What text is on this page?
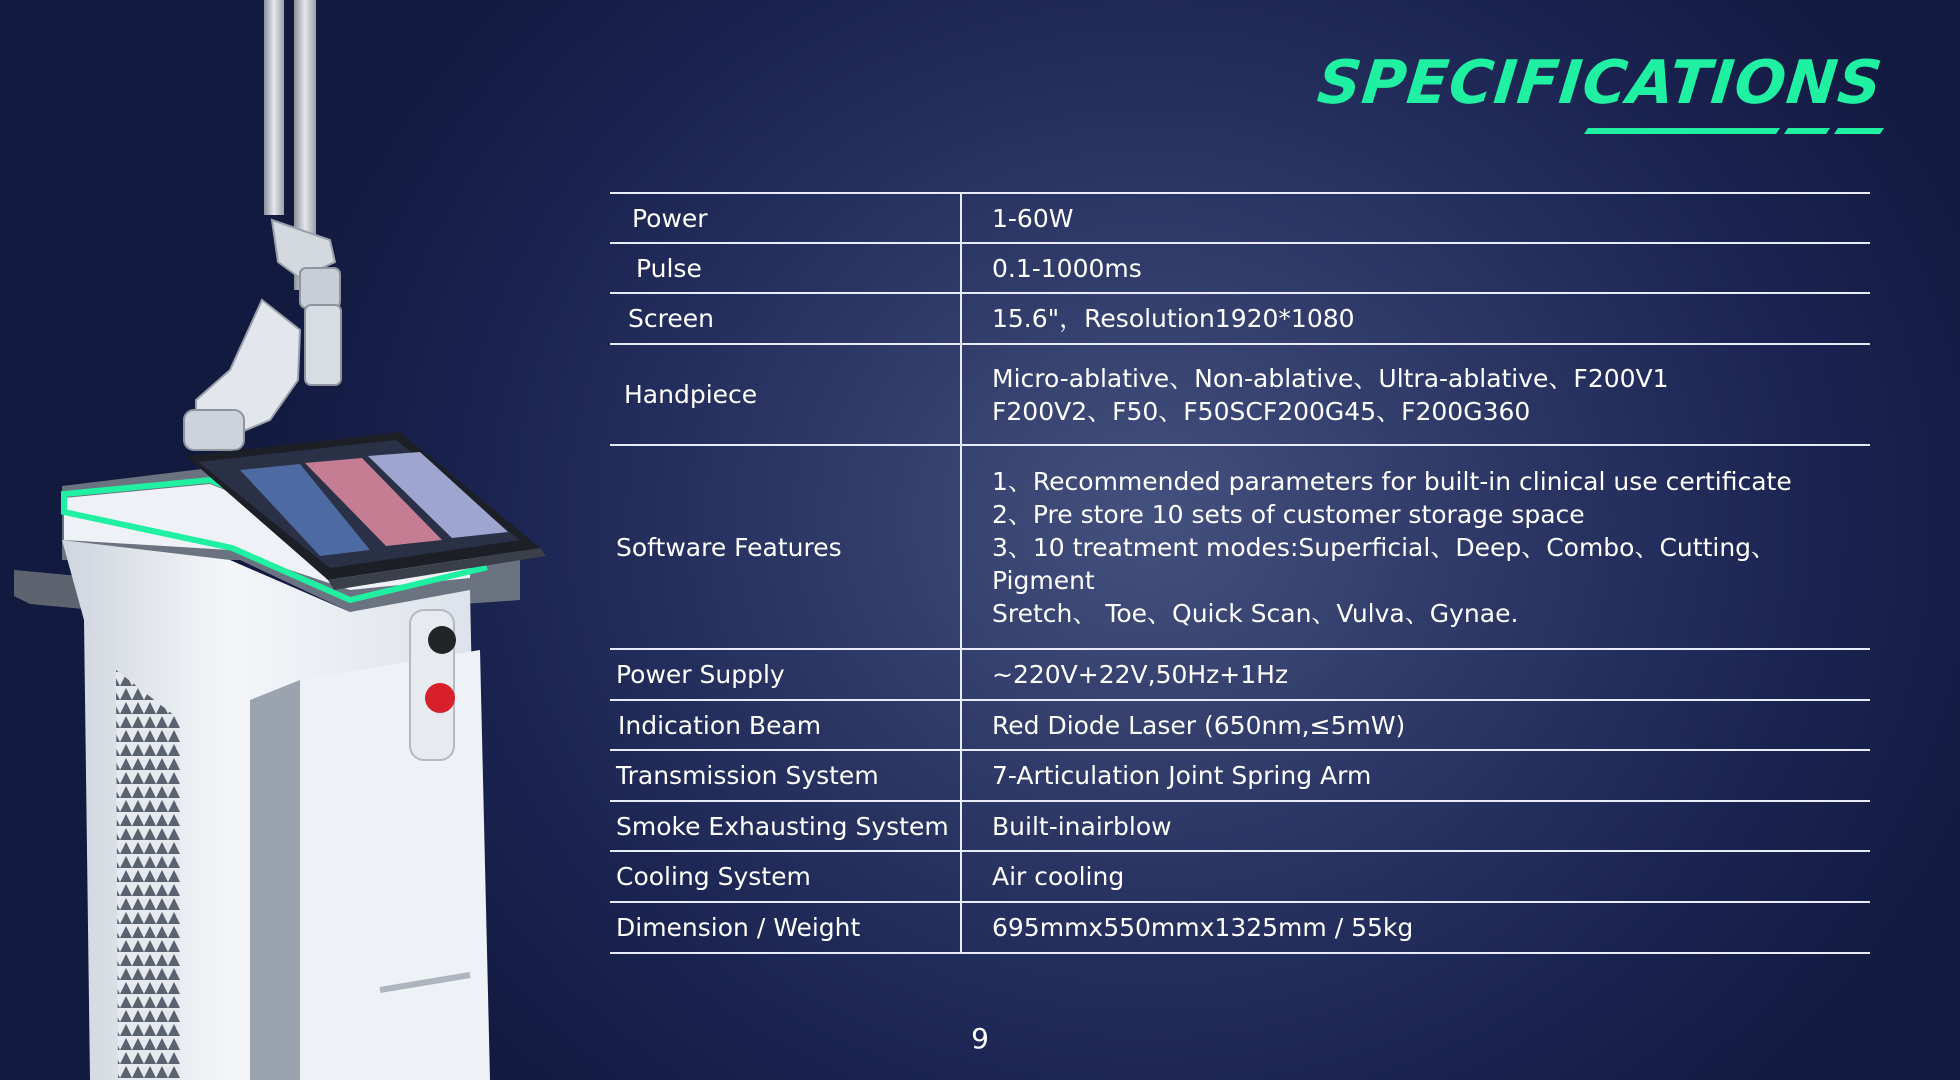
SPECIFICATIONS
Power	1-60W

Pulse	0.1-1000ms

Screen	15.6"，Resolution1920*1080

Handpiece	Micro-ablative、Non-ablative、Ultra-ablative、F200V1
F200V2、F50、F50SCF200G45、F200G360

Software Features	1、Recommended parameters for built-in clinical use certificate
2、Pre store 10 sets of customer storage space
3、10 treatment modes:Superficial、Deep、Combo、Cutting、Pigment
Sretch、 Toe、Quick Scan、Vulva、Gynae.

Power Supply	~220V+22V,50Hz+1Hz

Indication Beam	Red Diode Laser (650nm,≤5mW)

Transmission System	7-Articulation Joint Spring Arm

Smoke Exhausting System	Built-inairblow

Cooling System	Air cooling

Dimension / Weight	695mmx550mmx1325mm / 55kg
9
